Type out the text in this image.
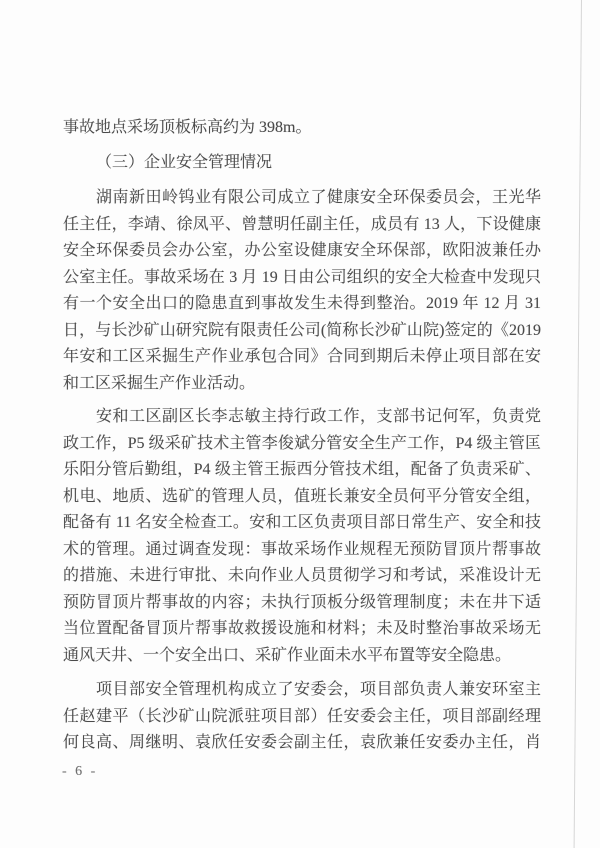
事故地点采场顶板标高约为 398m。
（三）企业安全管理情况
湖南新田岭钨业有限公司成立了健康安全环保委员会，王光华
任主任，李靖、徐凤平、曾慧明任副主任，成员有 13 人，下设健康
安全环保委员会办公室，办公室设健康安全环保部，欧阳波兼任办
公室主任。事故采场在 3 月 19 日由公司组织的安全大检查中发现只
有一个安全出口的隐患直到事故发生未得到整治。2019 年 12 月 31
日，与长沙矿山研究院有限责任公司(简称长沙矿山院)签定的《2019
年安和工区采掘生产作业承包合同》合同到期后未停止项目部在安
和工区采掘生产作业活动。
安和工区副区长李志敏主持行政工作，支部书记何军，负责党
政工作，P5 级采矿技术主管李俊斌分管安全生产工作，P4 级主管匡
乐阳分管后勤组，P4 级主管王振西分管技术组，配备了负责采矿、
机电、地质、选矿的管理人员，值班长兼安全员何平分管安全组，
配备有 11 名安全检查工。安和工区负责项目部日常生产、安全和技
术的管理。通过调查发现：事故采场作业规程无预防冒顶片帮事故
的措施、未进行审批、未向作业人员贯彻学习和考试，采准设计无
预防冒顶片帮事故的内容；未执行顶板分级管理制度；未在井下适
当位置配备冒顶片帮事故救援设施和材料；未及时整治事故采场无
通风天井、一个安全出口、采矿作业面未水平布置等安全隐患。
项目部安全管理机构成立了安委会，项目部负责人兼安环室主
任赵建平（长沙矿山院派驻项目部）任安委会主任，项目部副经理
何良高、周继明、袁欣任安委会副主任，袁欣兼任安委办主任，肖
- 6 -
